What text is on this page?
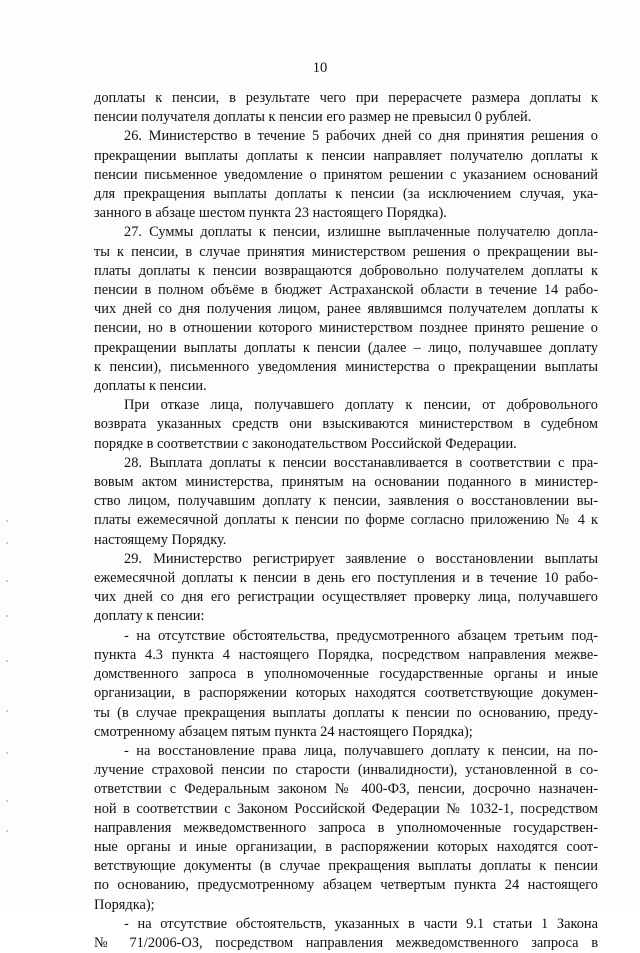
10

доплаты к пенсии, в результате чего при перерасчете размера доплаты к
пенсии получателя доплаты к пенсии его размер не превысил 0 рублей.

26. Министерство в течение 5 рабочих дней со дня принятия решения о
прекращении выплаты доплаты к пенсии направляет получателю доплаты к
пенсии письменное уведомление о принятом решении с указанием оснований
для прекращения выплаты доплаты к пенсии (за исключением случая, ука-
занного в абзаце шестом пункта 23 настоящего Порядка).

27. Суммы доплаты к пенсии, излишне выплаченные получателю допла-
ты к пенсии, в случае принятия министерством решения о прекращении вы-
платы доплаты к пенсии возвращаются добровольно получателем доплаты к
пенсии в полном объёме в бюджет Астраханской области в течение 14 рабо-
чих дней со дня получения лицом, ранее являвшимся получателем доплаты к
пенсии, но в отношении которого министерством позднее принято решение о
прекращении выплаты доплаты к пенсии (далее – лицо, получавшее доплату
к пенсии), письменного уведомления министерства о прекращении выплаты
доплаты к пенсии.

При отказе лица, получавшего доплату к пенсии, от добровольного
возврата указанных средств они взыскиваются министерством в судебном
порядке в соответствии с законодательством Российской Федерации.

28. Выплата доплаты к пенсии восстанавливается в соответствии с пра-
вовым актом министерства, принятым на основании поданного в министер-
ство лицом, получавшим доплату к пенсии, заявления о восстановлении вы-
платы ежемесячной доплаты к пенсии по форме согласно приложению № 4 к
настоящему Порядку.

29. Министерство регистрирует заявление о восстановлении выплаты
ежемесячной доплаты к пенсии в день его поступления и в течение 10 рабо-
чих дней со дня его регистрации осуществляет проверку лица, получавшего
доплату к пенсии:

- на отсутствие обстоятельства, предусмотренного абзацем третьим под-
пункта 4.3 пункта 4 настоящего Порядка, посредством направления межве-
домственного запроса в уполномоченные государственные органы и иные
организации, в распоряжении которых находятся соответствующие докумен-
ты (в случае прекращения выплаты доплаты к пенсии по основанию, преду-
смотренному абзацем пятым пункта 24 настоящего Порядка);

- на восстановление права лица, получавшего доплату к пенсии, на по-
лучение страховой пенсии по старости (инвалидности), установленной в со-
ответствии с Федеральным законом № 400-ФЗ, пенсии, досрочно назначен-
ной в соответствии с Законом Российской Федерации № 1032-1, посредством
направления межведомственного запроса в уполномоченные государствен-
ные органы и иные организации, в распоряжении которых находятся соот-
ветствующие документы (в случае прекращения выплаты доплаты к пенсии
по основанию, предусмотренному абзацем четвертым пункта 24 настоящего
Порядка);

- на отсутствие обстоятельств, указанных в части 9.1 статьи 1 Закона
№ 71/2006-ОЗ, посредством направления межведомственного запроса в
